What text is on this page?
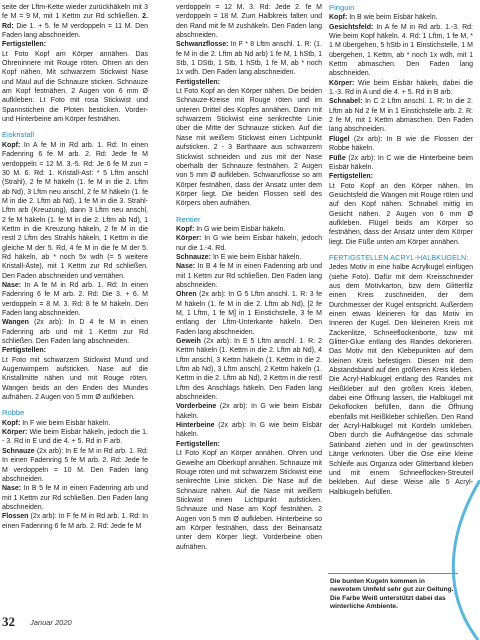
seite der Lftm-Kette wieder zurückhäkeln mit 3 fe M = 9 M, mit 1 Kettm zur Rd schließen. 2. Rd: Die 1. + 5. fe M verdoppeln = 11 M. Den Faden lang abschneiden.

Fertigstellen:

Lt Foto Kopf am Körper annähen. Das Ohreninnere mit Rouge röten. Ohren an den Kopf nähen. Mit schwarzem Stickwist Nase und Maul auf die Schnauze sticken. Schnauze am Kopf festnähen. 2 Augen von 6 mm Ø aufkleben. Lt Foto mit rosa Stickwist und Spannstichen die Pfoten besticken. Vorder- und Hinterbeine am Körper festnähen.

Eiskristall

Kopf: In A fe M in Rd arb. 1. Rd: In einen Fadenring 6 fe M arb. 2. Rd: Jede fe M verdoppeln = 12 M. 3.-5. Rd: Je 6 fe M zun = 30 M. 6. Rd: 1. Kristall-Ast: * 5 Lftm anschl (Strahl), 2 fe M häkeln (1. fe M in die 2. Lftm ab Nd), 3 Lftm neu anschl, 2 fe M häkeln (1. fe M in die 2. Lftm ab Nd), 1 fe M in die 3. Strahl-Lftm arb (Kreuzung), dann 3 Lftm neu anschl, 2 fe M häkeln (1. fe M in die 2. Lftm ab Nd), 1 Kettm in die Kreuzung häkeln, 2 fe M in die restl 2 Lftm des Strahls häkeln, 1 Kettm in die gleiche M der 5. Rd, 4 fe M in die fe M der 5. Rd häkeln, ab * noch 5x wdh (= 5 weitere Kristall-Äste), mit 1 Kettm zur Rd schließen. Den Faden abschneiden und vernähen.

Nase: In A fe M in Rd arb. 1. Rd: In einen Fadenring 6 fe M arb. 2. Rd: Die 3. + 6. M verdoppeln = 8 M. 3. Rd: 8 fe M häkeln. Den Faden lang abschneiden.

Wangen (2x arb): In D 4 fe M in einen Fadenring arb und mit 1 Kettm zur Rd schließen. Den Faden lang abschneiden.

Fertigstellen:

Lt Foto mit schwarzem Stickwist Mund und Augenwimpern aufsticken. Nase auf die Kristallmitte nähen und mit Rouge röten. Wangen beids an den Enden des Mundes aufnähen. 2 Augen von 5 mm Ø aufkleben.

Robbe

Kopf: In F wie beim Eisbär häkeln.

Körper: Wie beim Eisbär häkeln, jedoch die 1. - 3. Rd in E und die 4. + 5. Rd in F arb.

Schnauze (2x arb): In E fe M in Rd arb. 1. Rd: In einen Fadenring 5 fe M arb. 2. Rd: Jede fe M verdoppeln = 10 M. Den Faden lang abschneiden.

Nase: In B 5 fe M in einen Fadenring arb und mit 1 Kettm zur Rd schließen. Den Faden lang abschneiden.

Flossen (2x arb): In F fe M in Rd arb. 1. Rd: In einen Fadenring 6 fe M arb. 2. Rd: Jede fe M

verdoppeln = 12 M. 3. Rd: Jede 2. fe M verdoppeln = 18 M. Zum Halbkreis falten und den Rand mit fe M zushäkeln. Den Faden lang abschneiden.

Schwanzflosse: In F * 8 Lftm anschl. 1. R: (1. fe M in die 2. Lftm ab Nd arb) 1 fe M, 1 hStb, 1 Stb, 1 DStb, 1 Stb, 1 hStb, 1 fe M, ab * noch 1x wdh. Den Faden lang abschneiden.

Fertigstellen:

Lt Foto Kopf an den Körper nähen. Die beiden Schnauze-Kreise mit Rouge röten und im unteren Drittel des Kopfes annähen. Dann mit schwarzem Stickwist eine senkrechte Linie über die Mitte der Schnauze sticken. Auf die Nase mit weißem Stickwist einen Lichtpunkt aufsticken. 2 - 3 Barthaare aus schwarzem Stickwist schneiden und zus mit der Nase oberhalb der Schnauze festnähen. 2 Augen von 5 mm Ø aufkleben. Schwanzflosse so am Körper festnähen, dass der Ansatz unter dem Körper liegt. Die beiden Flossen seitl des Körpers oben aufnähen.

Rentier

Kopf: In G wie beim Eisbär häkeln.

Körper: In G wie beim Eisbär häkeln, jedoch nur die 1.-4. Rd.

Schnauze: In E wie beim Eisbär häkeln.

Nase: In B 4 fe M in einen Fadenring arb und mit 1 Kettm zur Rd schließen. Den Faden lang abschneiden.

Ohren (2x arb): In G 5 Lftm anschl. 1. R: 3 fe M häkeln (1. fe M in die 2. Lftm ab Nd), [2 fe M, 1 Lftm, 1 fe M] in 1 Einstichstelle, 3 fe M entlang der Lftm-Unterkante häkeln. Den Faden lang abschneiden.

Geweih (2x arb): In E 5 Lftm anschl. 1. R: 2 Kettm häkeln (1. Kettm in die 2. Lftm ab Nd), 4 Lftm anschl, 3 Kettm häkeln (1. Kettm in die 2. Lftm ab Nd), 3 Lftm anschl, 2 Kettm häkeln (1. Kettm in die 2. Lftm ab Nd), 2 Kettm in die restl Lftm des Anschlags häkeln. Den Faden lang abschneiden.

Vorderbeine (2x arb): In G wie beim Eisbär häkeln.

Hinterbeine (2x arb): In G wie beim Eisbär häkeln.

Fertigstellen:

Lt Foto Kopf an Körper annähen. Ohren und Geweihe am Oberkopf annähen. Schnauze mit Rouge röten und mit schwarzem Stickwist eine senkrechte Linie sticken. Die Nase auf die Schnauze nähen. Auf die Nase mit weißem Stickwist einen Lichtpunkt aufsticken. Schnauze und Nase am Kopf festnähen. 2 Augen von 5 mm Ø aufkleben. Hinterbeine so am Körper festnähen, dass der Beinansatz unter dem Körper liegt. Vorderbeine oben aufnähen.

Pinguin

Kopf: In B wie beim Eisbär häkeln.

Gesichtsfeld: In A fe M in Rd arb. 1.-3. Rd: Wie beim Kopf häkeln. 4. Rd: 1 Lftm, 1 fe M, * 1 M übergehen, 5 hStb in 1 Einstichstelle, 1 M übergehen, 1 Kettm, ab * noch 1x wdh, mit 1 Kettm abmaschen. Den Faden lang abschneiden.

Körper: Wie beim Eisbär häkeln, dabei die 1.-3. Rd in A und die 4. + 5. Rd in B arb.

Schnabel: In C 2 Lftm anschl. 1. R: In die 2. Lftm ab Nd 2 fe M in 1 Einstichstelle arb. 2. R: 2 fe M, mit 1 Kettm abmaschen. Den Faden lang abschneiden.

Flügel (2x arb): In B wie die Flossen der Robbe häkeln.

Füße (2x arb): In C wie die Hinterbeine beim Eisbär häkeln.

Fertigstellen:

Lt Foto Kopf an den Körper nähen. Im Gesichtsfeld die Wangen mit Rouge röten und auf den Kopf nähen. Schnabel mittig im Gesicht nähen. 2 Augen von 6 mm Ø aufkleben. Flügel beids am Körper so festnähen, dass der Ansatz unter dem Körper liegt. Die Füße unten am Körper annähen.

FERTIGSTELLEN ACRYL-HALBKUGELN:

Jedes Motiv in eine halbe Acrylkugel einfügen (siehe Foto). Dafür mit dem Kreisschneider aus dem Motivkarton, bzw dem Glitterfilz einen Kreis zuschneiden, der dem Durchmesser der Kugel entspricht. Außerdem einen etwas kleineren für das Motiv im Inneren der Kugel. Den kleineren Kreis mit Zackenlitze, Schneeflockenborte, bzw mit Glitter-Glue entlang des Randes dekorieren. Das Motiv mit den Klebepunkten auf dem kleinen Kreis befestigen. Diesen mit dem Abstandsband auf den größeren Kreis kleben. Die Acryl-Halbkugel entlang des Randes mit Heißkleber auf den größen Kreis kleben, dabei eine Öffnung lassen, die Halbkugel mit Dekoflocken befüllen, dann die Öffnung ebenfalls mit Heißkleber schließen. Den Rand der Acryl-Halbkugel mit Kordeln umkleben. Oben durch die Aufhängeöse das schmale Satinband ziehen und in der gewünschten Länge verknoten. Über die Öse eine kleine Schleife aus Organza oder Glitterband kleben und mit einem Schneeflocken-Streuteil bekleben. Auf diese Weise alle 5 Acryl-Halbkugeln befüllen.

Die bunten Kugeln kommen in newrotem Umfeld sehr gut zur Geltung. Die Farbe Weiß unterstützt dabei das winterliche Ambiente.
32 Januar 2020
